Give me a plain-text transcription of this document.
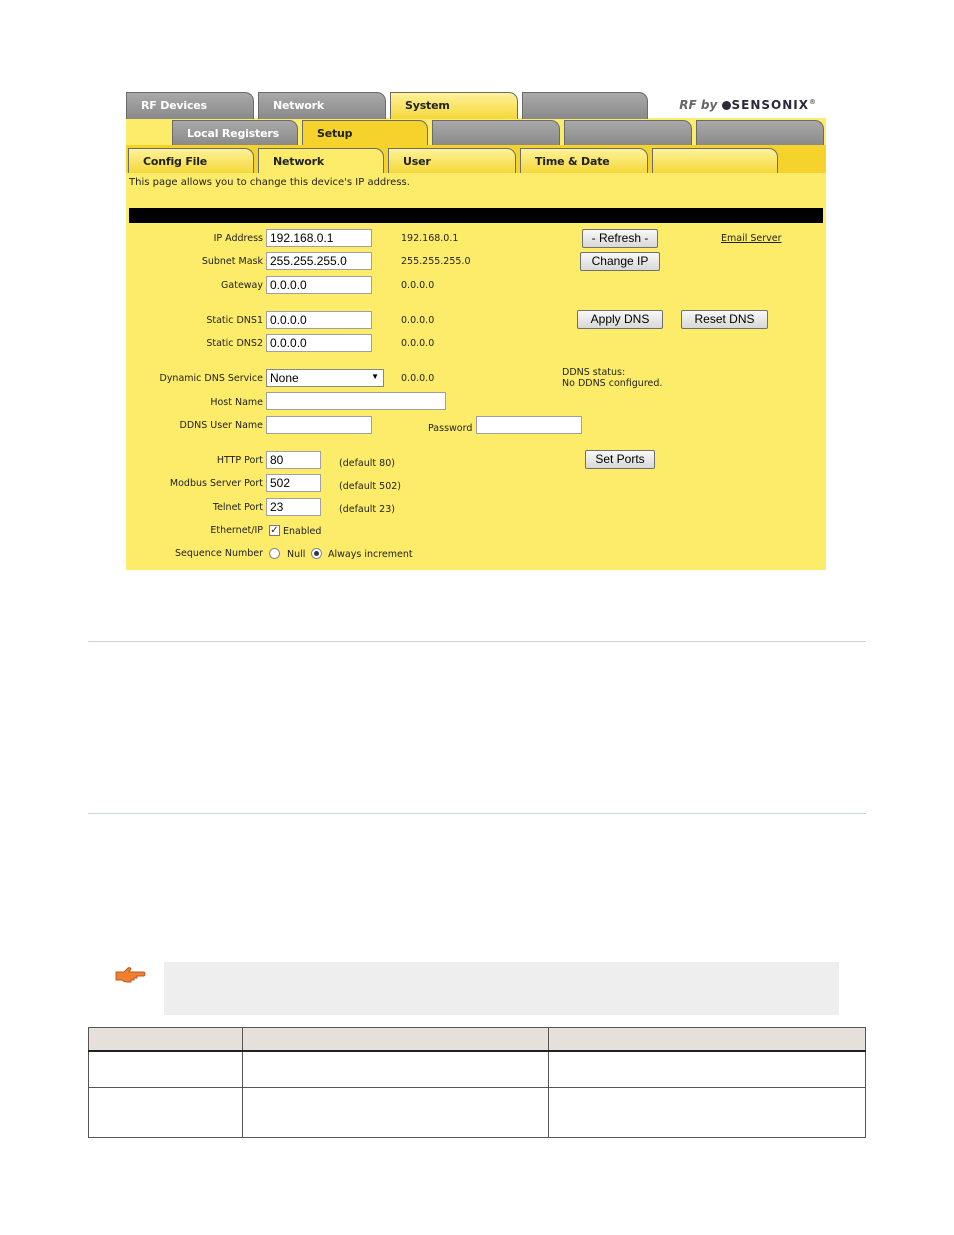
RF Devices	Network	System	RF by SENSONIX®
Local Registers	Setup
Config File	Network	User	Time & Date
This page allows you to change this device's IP address.
IP Address 192.168.0.1	192.168.0.1	- Refresh -	Email Server
Subnet Mask 255.255.255.0	255.255.255.0	Change IP
Gateway 0.0.0.0	0.0.0.0
Static DNS1 0.0.0.0	0.0.0.0	Apply DNS	Reset DNS
Static DNS2 0.0.0.0	0.0.0.0
Dynamic DNS Service None	▼ 0.0.0.0
DDNS status:
No DDNS configured.
Host Name
DDNS User Name	Password
HTTP Port 80	(default 80)	Set Ports
Modbus Server Port 502	(default 502)
Telnet Port 23	(default 23)
Ethernet/IP ✓ Enabled
Sequence Number	Null Always increment
